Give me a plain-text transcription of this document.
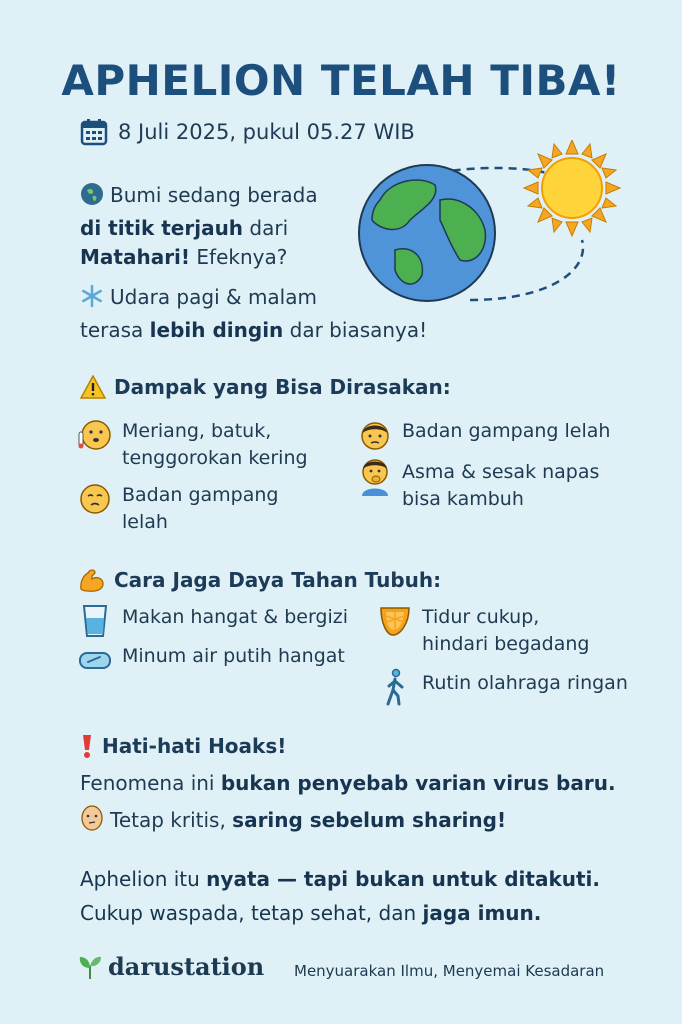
APHELION TELAH TIBA!
8 Juli 2025, pukul 05.27 WIB
Bumi sedang berada
di titik terjauh dari
Matahari! Efeknya?
Udara pagi & malam
terasa lebih dingin dar biasanya!
Dampak yang Bisa Dirasakan:
Meriang, batuk,
tenggorokan kering
Badan gampang
lelah
Badan gampang lelah
Asma & sesak napas
bisa kambuh
Cara Jaga Daya Tahan Tubuh:
Makan hangat & bergizi
Minum air putih hangat
Tidur cukup,
hindari begadang
Rutin olahraga ringan
Hati-hati Hoaks!
Fenomena ini bukan penyebab varian virus baru.
Tetap kritis, saring sebelum sharing!
Aphelion itu nyata — tapi bukan untuk ditakuti.
Cukup waspada, tetap sehat, dan jaga imun.
darustation Menyuarakan Ilmu, Menyemai Kesadaran
